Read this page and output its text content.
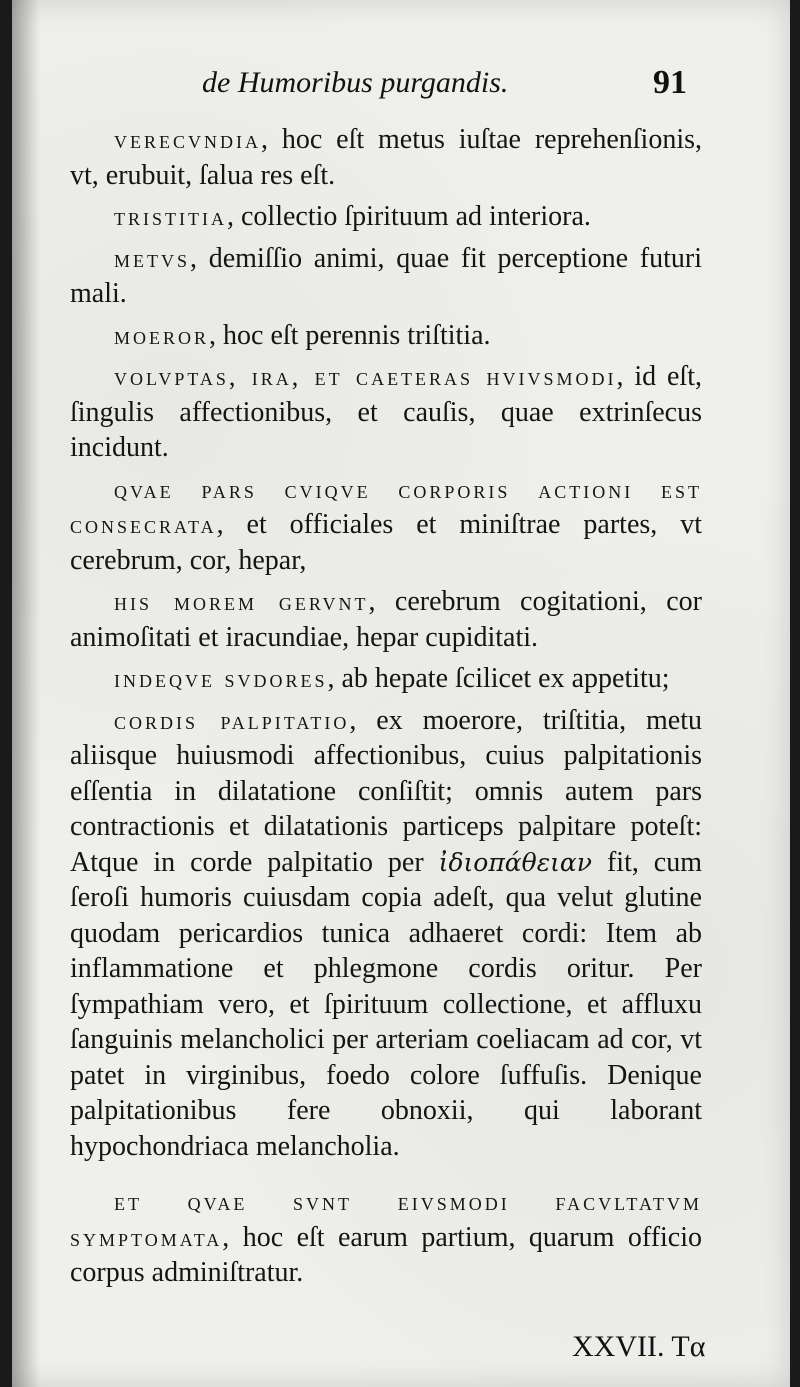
de Humoribus purgandis.	91

verecvndia, hoc eſt metus iuſtae reprehenſionis, vt, erubuit, ſalua res eſt.

tristitia, collectio ſpirituum ad interiora.

metvs, demiſſio animi, quae fit perceptione futuri mali.

moeror, hoc eſt perennis triſtitia.

volvptas, ira, et caeteras hvivsmodi, id eſt, ſingulis affectionibus, et cauſis, quae extrinſecus incidunt.

qvae pars cviqve corporis actioni est consecrata, et officiales et miniſtrae partes, vt cerebrum, cor, hepar,

his morem gervnt, cerebrum cogitationi, cor animoſitati et iracundiae, hepar cupiditati.

indeqve svdores, ab hepate ſcilicet ex appetitu;

cordis palpitatio, ex moerore, triſtitia, metu aliisque huiusmodi affectionibus, cuius palpitationis eſſentia in dilatatione conſiſtit; omnis autem pars contractionis et dilatationis particeps palpitare poteſt: Atque in corde palpitatio per ἰδιοπάθειαν fit, cum ſeroſi humoris cuiusdam copia adeſt, qua velut glutine quodam pericardios tunica adhaeret cordi: Item ab inflammatione et phlegmone cordis oritur. Per ſympathiam vero, et ſpirituum collectione, et affluxu ſanguinis melancholici per arteriam coeliacam ad cor, vt patet in virginibus, foedo colore ſuffuſis. Denique palpitationibus fere obnoxii, qui laborant hypochondriaca melancholia.

et qvae svnt eivsmodi facvltatvm symptomata, hoc eſt earum partium, quarum officio corpus adminiſtratur.

XXVII. Tα
